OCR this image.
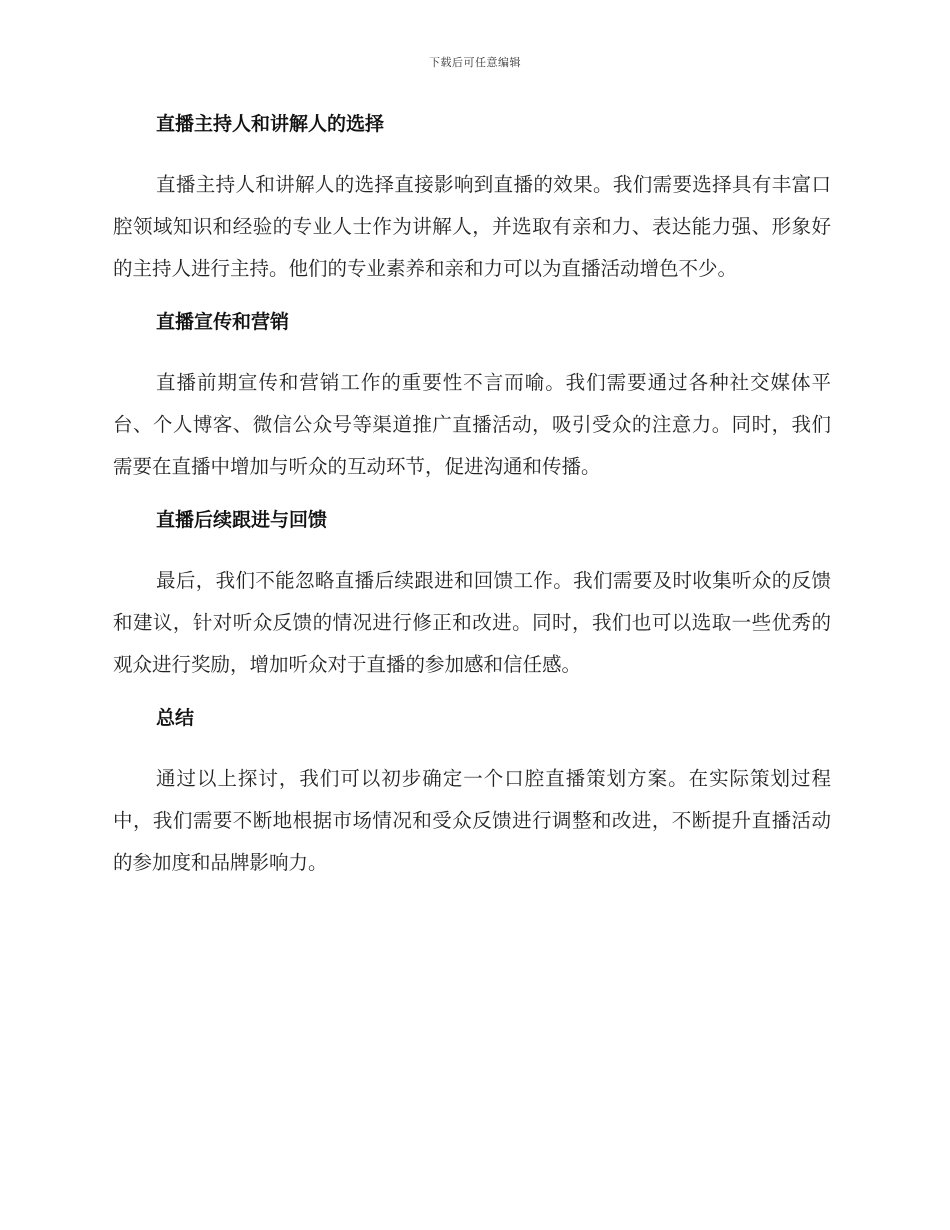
下载后可任意编辑
直播主持人和讲解人的选择

直播主持人和讲解人的选择直接影响到直播的效果。我们需要选择具有丰富口腔领域知识和经验的专业人士作为讲解人，并选取有亲和力、表达能力强、形象好的主持人进行主持。他们的专业素养和亲和力可以为直播活动增色不少。

直播宣传和营销

直播前期宣传和营销工作的重要性不言而喻。我们需要通过各种社交媒体平台、个人博客、微信公众号等渠道推广直播活动，吸引受众的注意力。同时，我们需要在直播中增加与听众的互动环节，促进沟通和传播。

直播后续跟进与回馈

最后，我们不能忽略直播后续跟进和回馈工作。我们需要及时收集听众的反馈和建议，针对听众反馈的情况进行修正和改进。同时，我们也可以选取一些优秀的观众进行奖励，增加听众对于直播的参加感和信任感。

总结

通过以上探讨，我们可以初步确定一个口腔直播策划方案。在实际策划过程中，我们需要不断地根据市场情况和受众反馈进行调整和改进，不断提升直播活动的参加度和品牌影响力。
